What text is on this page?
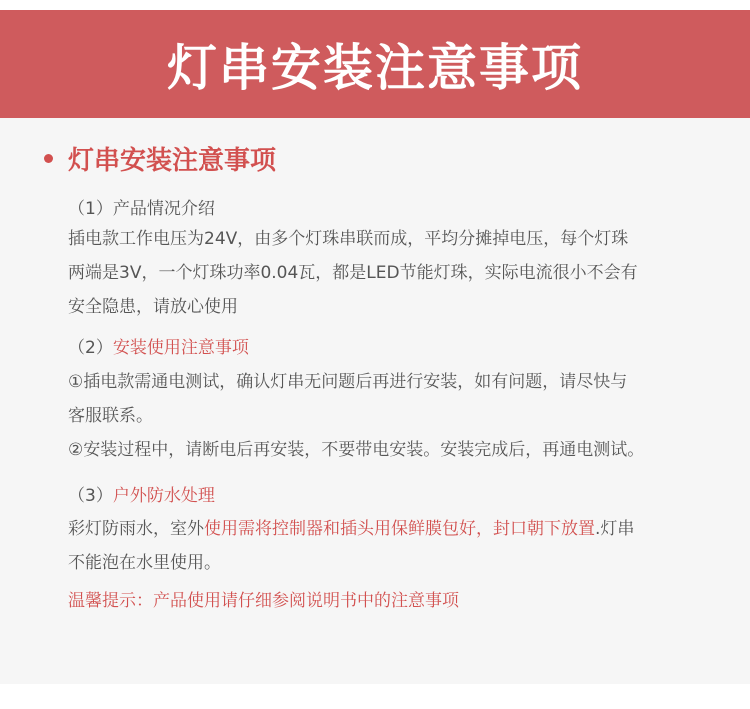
灯串安装注意事项
灯串安装注意事项
（1）产品情况介绍
插电款工作电压为24V，由多个灯珠串联而成，平均分摊掉电压，每个灯珠
两端是3V，一个灯珠功率0.04瓦，都是LED节能灯珠，实际电流很小不会有
安全隐患，请放心使用
（2）安装使用注意事项
①插电款需通电测试，确认灯串无问题后再进行安装，如有问题，请尽快与
客服联系。
②安装过程中，请断电后再安装，不要带电安装。安装完成后，再通电测试。
（3）户外防水处理
彩灯防雨水，室外使用需将控制器和插头用保鲜膜包好，封口朝下放置.灯串
不能泡在水里使用。
温馨提示：产品使用请仔细参阅说明书中的注意事项
